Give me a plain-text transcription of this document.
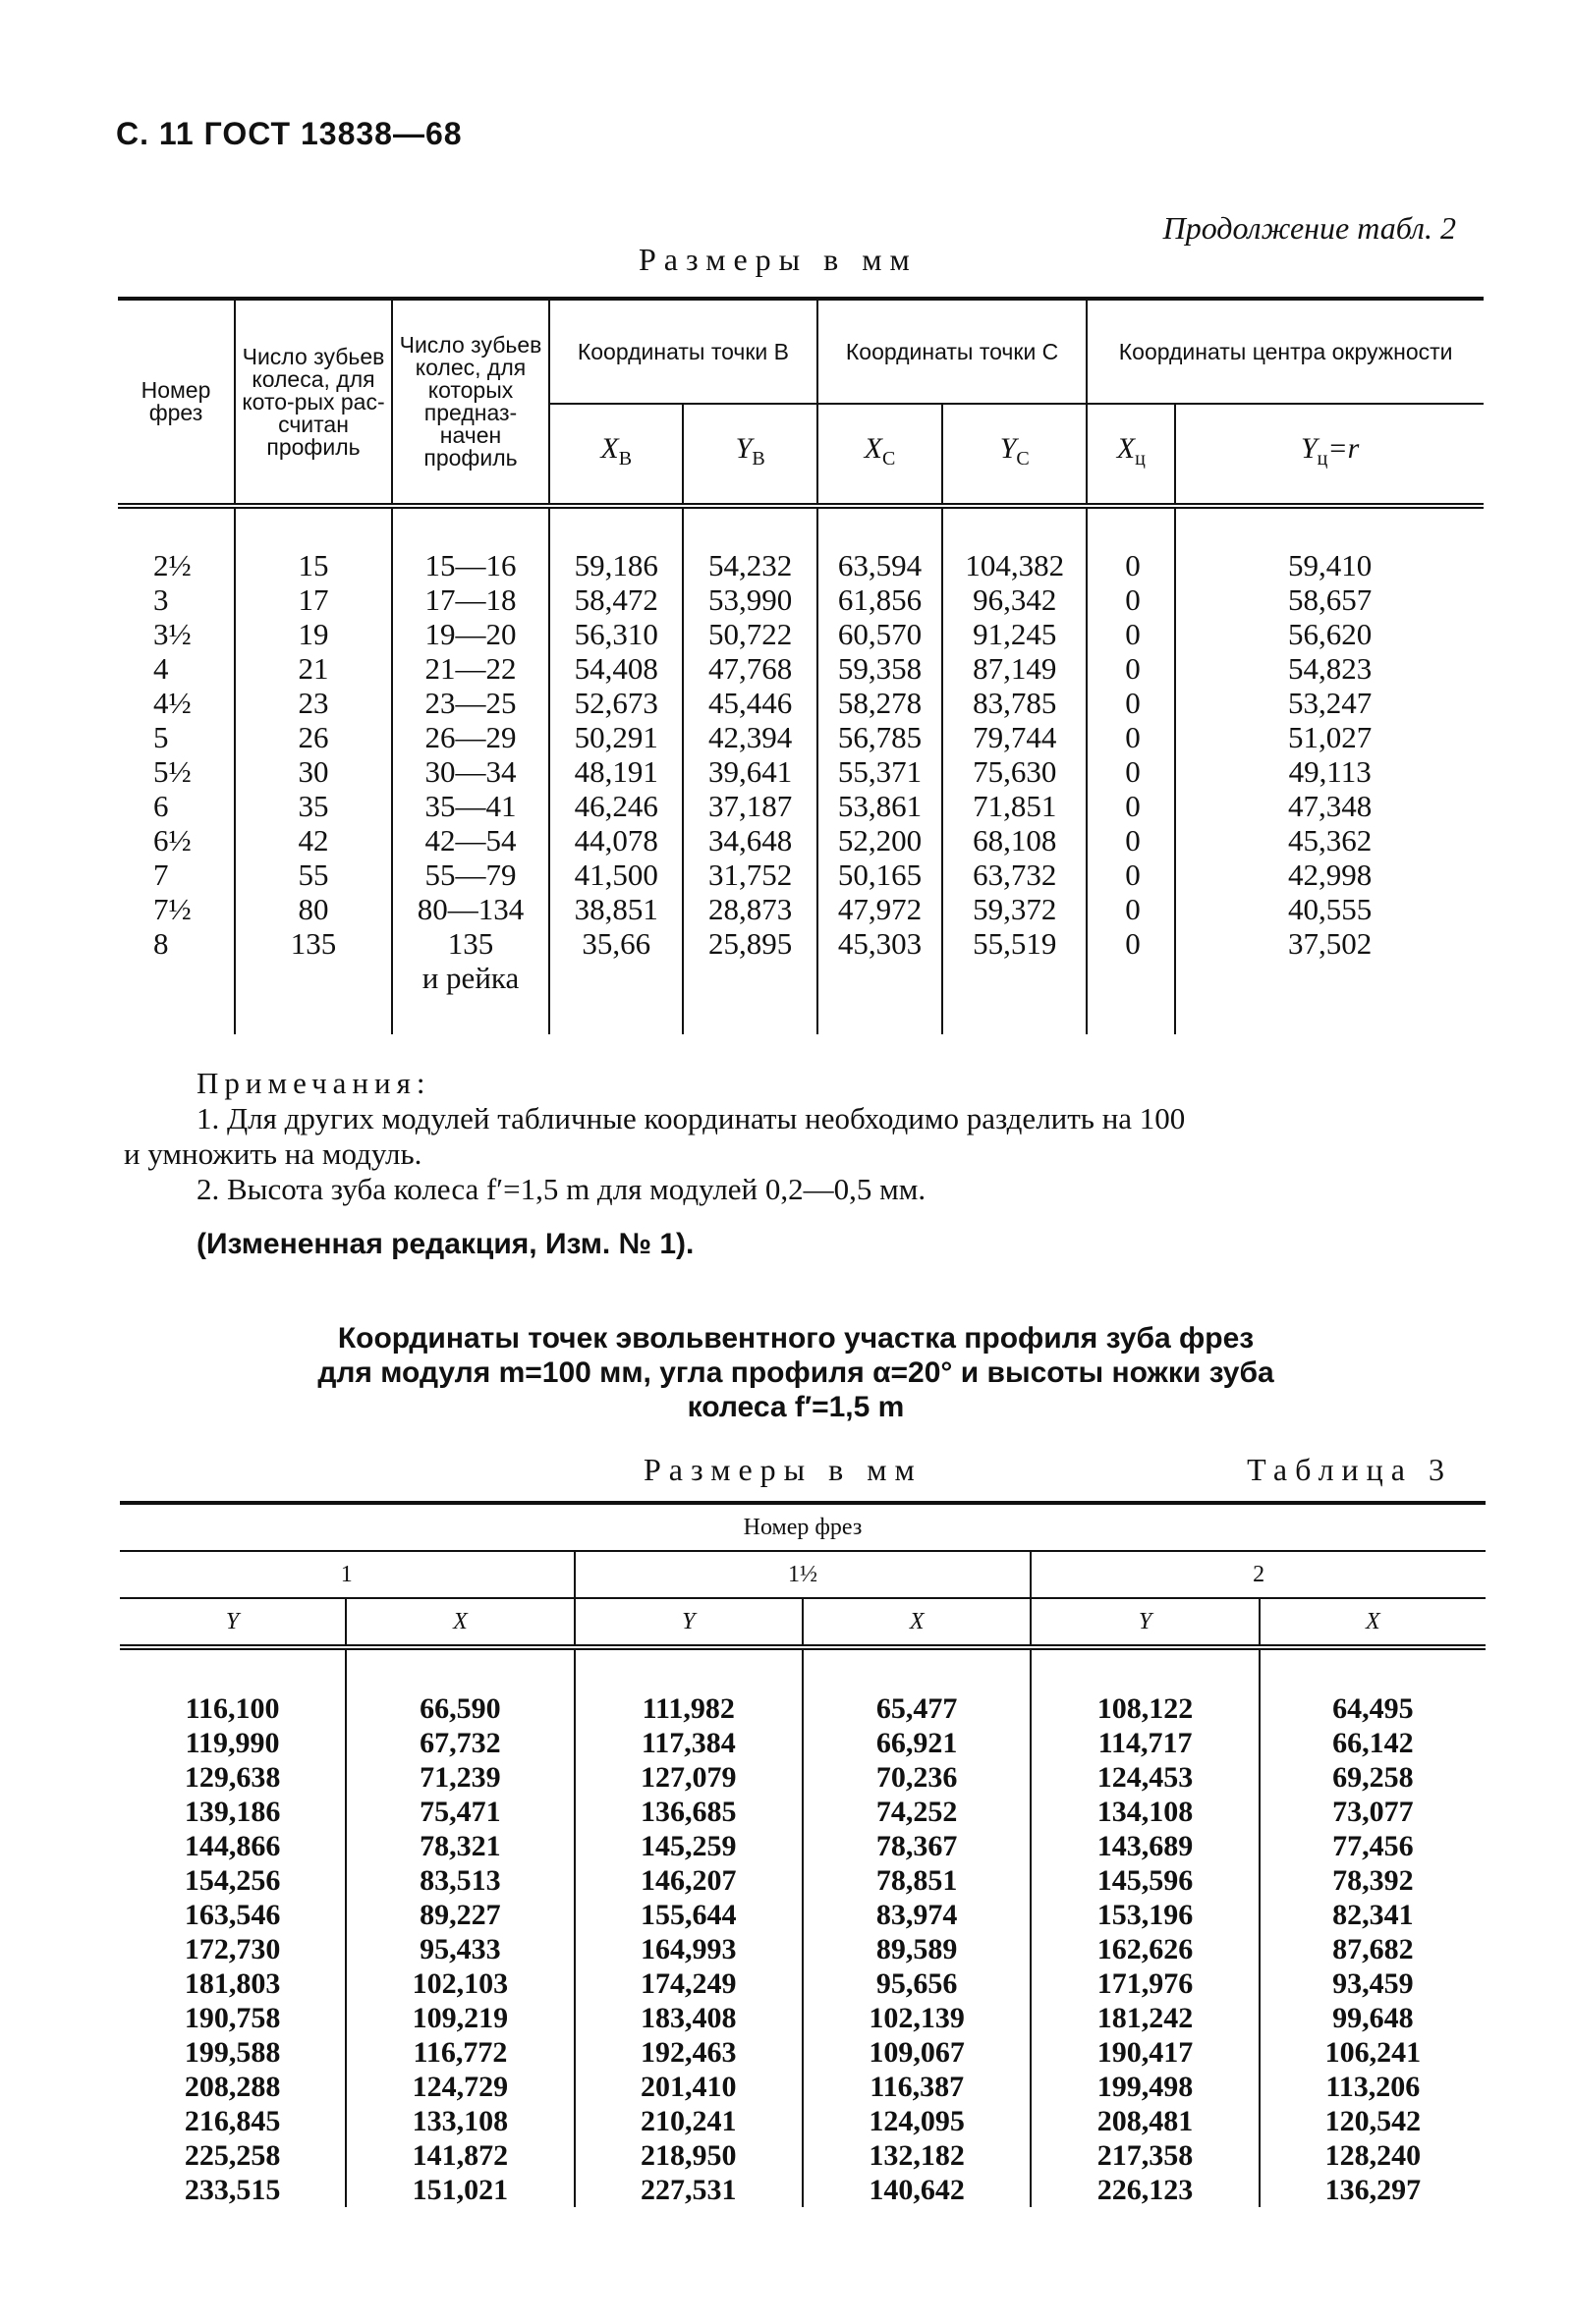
С. 11 ГОСТ 13838—68
Продолжение табл. 2
Размеры в мм
Номер фрез	Число зубьев колеса, для кото-рых рас-считан профиль	Число зубьев колес, для которых предназ-начен профиль	Координаты точки B		Координаты точки C		Координаты центра окружности	
			$X_В$	$Y_В$	$X_С$	$Y_С$	$X_ц$	$Y_ц=r$
2½	15	15—16	59,186	54,232	63,594	104,382	0	59,410
3	17	17—18	58,472	53,990	61,856	96,342	0	58,657
3½	19	19—20	56,310	50,722	60,570	91,245	0	56,620
4	21	21—22	54,408	47,768	59,358	87,149	0	54,823
4½	23	23—25	52,673	45,446	58,278	83,785	0	53,247
5	26	26—29	50,291	42,394	56,785	79,744	0	51,027
5½	30	30—34	48,191	39,641	55,371	75,630	0	49,113
6	35	35—41	46,246	37,187	53,861	71,851	0	47,348
6½	42	42—54	44,078	34,648	52,200	68,108	0	45,362
7	55	55—79	41,500	31,752	50,165	63,732	0	42,998
7½	80	80—134	38,851	28,873	47,972	59,372	0	40,555
8	135	135	35,66	25,895	45,303	55,519	0	37,502
		и рейка						
Примечания:
1. Для других модулей табличные координаты необходимо разделить на 100
и умножить на модуль.
2. Высота зуба колеса f′=1,5 m для модулей 0,2—0,5 мм.
(Измененная редакция, Изм. № 1).
Координаты точек эвольвентного участка профиля зуба фрез
для модуля m=100 мм, угла профиля α=20° и высоты ножки зуба
колеса f′=1,5 m
Размеры в мм	Таблица 3
Номер фрез					
1		1½		2	
Y	X	Y	X	Y	X
116,100	66,590	111,982	65,477	108,122	64,495
119,990	67,732	117,384	66,921	114,717	66,142
129,638	71,239	127,079	70,236	124,453	69,258
139,186	75,471	136,685	74,252	134,108	73,077
144,866	78,321	145,259	78,367	143,689	77,456
154,256	83,513	146,207	78,851	145,596	78,392
163,546	89,227	155,644	83,974	153,196	82,341
172,730	95,433	164,993	89,589	162,626	87,682
181,803	102,103	174,249	95,656	171,976	93,459
190,758	109,219	183,408	102,139	181,242	99,648
199,588	116,772	192,463	109,067	190,417	106,241
208,288	124,729	201,410	116,387	199,498	113,206
216,845	133,108	210,241	124,095	208,481	120,542
225,258	141,872	218,950	132,182	217,358	128,240
233,515	151,021	227,531	140,642	226,123	136,297
